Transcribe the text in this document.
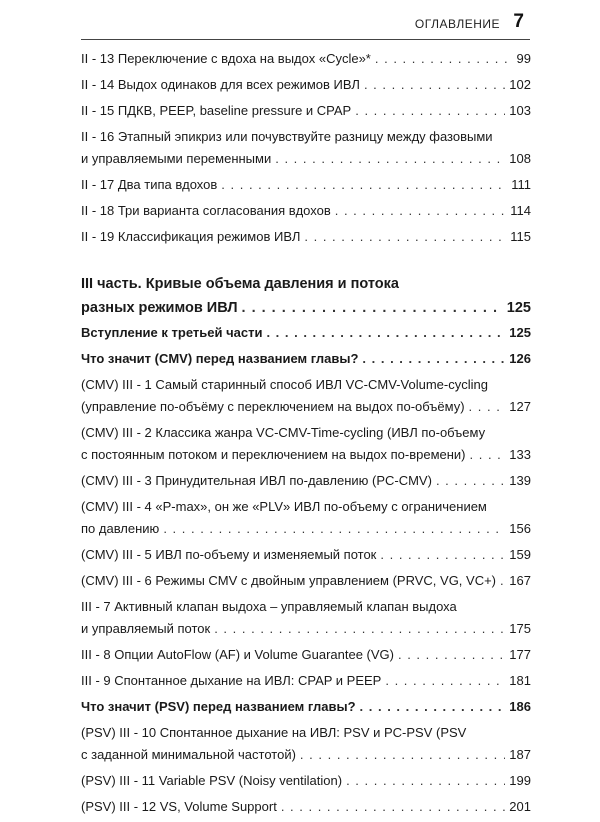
ОГЛАВЛЕНИЕ 7
II - 13 Переключение с вдоха на выдох «Cycle»* . . .	99
II - 14 Выдох одинаков для всех режимов ИВЛ . . .	102
II - 15 ПДКВ, PEEP, baseline pressure и CPAP . . .	103
II - 16 Этапный эпикриз или почувствуйте разницу между фазовыми
и управляемыми переменными . . .	108
II - 17 Два типа вдохов . . .	111
II - 18 Три варианта согласования вдохов . . .	114
II - 19 Классификация режимов ИВЛ . . .	115
III часть. Кривые объема давления и потока
разных режимов ИВЛ . . .	125
Вступление к третьей части . . .	125
Что значит (CMV) перед названием главы? . . .	126
(CMV) III - 1 Самый старинный способ ИВЛ VC-CMV-Volume-cycling
(управление по-объёму с переключением на выдох по-объёму) . . .	127
(CMV) III - 2 Классика жанра VC-CMV-Time-cycling (ИВЛ по-объему
с постоянным потоком и переключением на выдох по-времени) . . .	133
(CMV) III - 3 Принудительная ИВЛ по-давлению (PC-CMV) . . .	139
(CMV) III - 4 «P-max», он же «PLV» ИВЛ по-объему с ограничением
по давлению . . .	156
(CMV) III - 5 ИВЛ по-объему и изменяемый поток . . .	159
(CMV) III - 6 Режимы CMV с двойным управлением (PRVC, VG, VC+) . . . 167
III - 7 Активный клапан выдоха – управляемый клапан выдоха
и управляемый поток . . .	175
III - 8 Опции AutoFlow (AF) и Volume Guarantee (VG) . . .	177
III - 9 Спонтанное дыхание на ИВЛ: CPAP и PEEP . . .	181
Что значит (PSV) перед названием главы? . . .	186
(PSV) III - 10 Спонтанное дыхание на ИВЛ: PSV и PC-PSV (PSV
с заданной минимальной частотой) . . .	187
(PSV) III - 11 Variable PSV (Noisy ventilation) . . .	199
(PSV) III - 12 VS, Volume Support . . .	201
